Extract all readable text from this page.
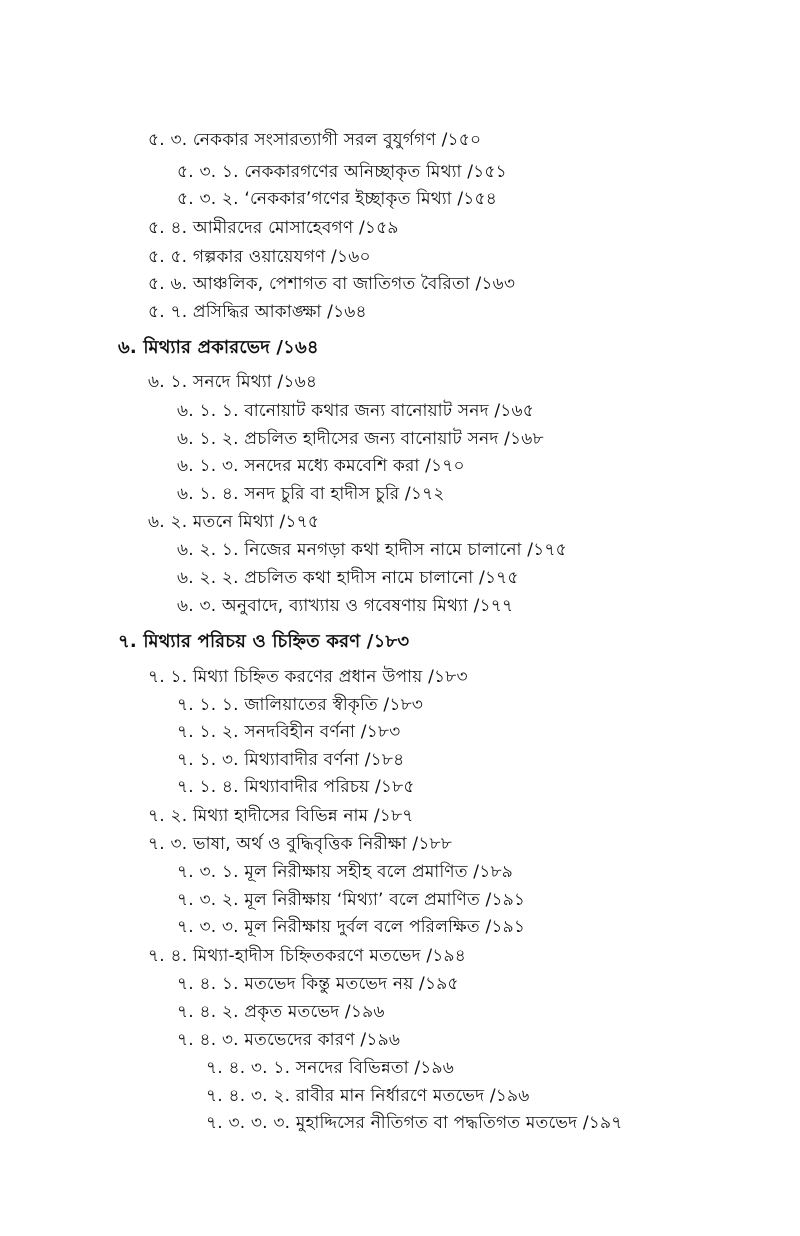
৫. ৩. নেককার সংসারত্যাগী সরল বুযুর্গগণ /১৫০
৫. ৩. ১. নেককারগণের অনিচ্ছাকৃত মিথ্যা /১৫১
৫. ৩. ২. ‘নেককার’গণের ইচ্ছাকৃত মিথ্যা /১৫৪
৫. ৪. আমীরদের মোসাহেবগণ /১৫৯
৫. ৫. গল্পকার ওয়ায়েযগণ /১৬০
৫. ৬. আঞ্চলিক, পেশাগত বা জাতিগত বৈরিতা /১৬৩
৫. ৭. প্রসিদ্ধির আকাঙ্ক্ষা /১৬৪
৬. মিথ্যার প্রকারভেদ /১৬৪
৬. ১. সনদে মিথ্যা /১৬৪
৬. ১. ১. বানোয়াট কথার জন্য বানোয়াট সনদ /১৬৫
৬. ১. ২. প্রচলিত হাদীসের জন্য বানোয়াট সনদ /১৬৮
৬. ১. ৩. সনদের মধ্যে কমবেশি করা /১৭০
৬. ১. ৪. সনদ চুরি বা হাদীস চুরি /১৭২
৬. ২. মতনে মিথ্যা /১৭৫
৬. ২. ১. নিজের মনগড়া কথা হাদীস নামে চালানো /১৭৫
৬. ২. ২. প্রচলিত কথা হাদীস নামে চালানো /১৭৫
৬. ৩. অনুবাদে, ব্যাখ্যায় ও গবেষণায় মিথ্যা /১৭৭
৭. মিথ্যার পরিচয় ও চিহ্নিত করণ /১৮৩
৭. ১. মিথ্যা চিহ্নিত করণের প্রধান উপায় /১৮৩
৭. ১. ১. জালিয়াতের স্বীকৃতি /১৮৩
৭. ১. ২. সনদবিহীন বর্ণনা /১৮৩
৭. ১. ৩. মিথ্যাবাদীর বর্ণনা /১৮৪
৭. ১. ৪. মিথ্যাবাদীর পরিচয় /১৮৫
৭. ২. মিথ্যা হাদীসের বিভিন্ন নাম /১৮৭
৭. ৩. ভাষা, অর্থ ও বুদ্ধিবৃত্তিক নিরীক্ষা /১৮৮
৭. ৩. ১. মূল নিরীক্ষায় সহীহ বলে প্রমাণিত /১৮৯
৭. ৩. ২. মূল নিরীক্ষায় ‘মিথ্যা’ বলে প্রমাণিত /১৯১
৭. ৩. ৩. মূল নিরীক্ষায় দুর্বল বলে পরিলক্ষিত /১৯১
৭. ৪. মিথ্যা-হাদীস চিহ্নিতকরণে মতভেদ /১৯৪
৭. ৪. ১. মতভেদ কিন্তু মতভেদ নয় /১৯৫
৭. ৪. ২. প্রকৃত মতভেদ /১৯৬
৭. ৪. ৩. মতভেদের কারণ /১৯৬
৭. ৪. ৩. ১. সনদের বিভিন্নতা /১৯৬
৭. ৪. ৩. ২. রাবীর মান নির্ধারণে মতভেদ /১৯৬
৭. ৩. ৩. ৩. মুহাদ্দিসের নীতিগত বা পদ্ধতিগত মতভেদ /১৯৭
